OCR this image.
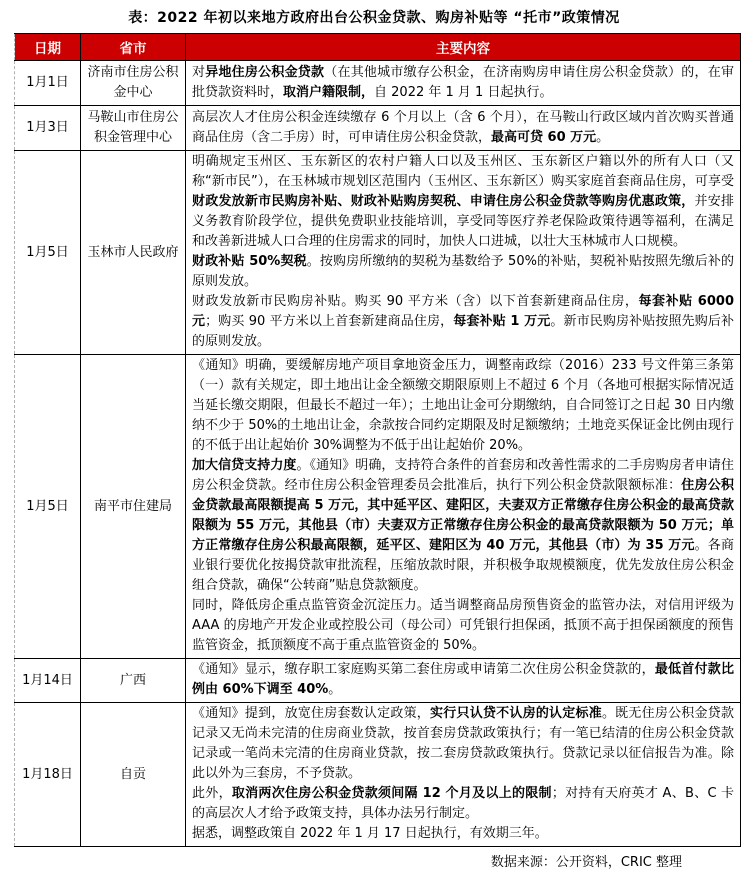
表：2022 年初以来地方政府出台公积金贷款、购房补贴等 “托市”政策情况
日期	省市	主要内容
1月1日	济南市住房公积金中心	对异地住房公积金贷款（在其他城市缴存公积金，在济南购房申请住房公积金贷款）的，在审批贷款资料时，取消户籍限制，自 2022 年 1 月 1 日起执行。

1月3日	马鞍山市住房公积金管理中心	高层次人才住房公积金连续缴存 6 个月以上（含 6 个月），在马鞍山行政区域内首次购买普通商品住房（含二手房）时，可申请住房公积金贷款，最高可贷 60 万元。

1月5日	玉林市人民政府	明确规定玉州区、玉东新区的农村户籍人口以及玉州区、玉东新区户籍以外的所有人口（又称“新市民”），在玉林城市规划区范围内（玉州区、玉东新区）购买家庭首套商品住房，可享受财政发放新市民购房补贴、财政补贴购房契税、申请住房公积金贷款等购房优惠政策，并安排义务教育阶段学位，提供免费职业技能培训，享受同等医疗养老保险政策待遇等福利，在满足和改善新进城人口合理的住房需求的同时，加快人口进城，以壮大玉林城市人口规模。
财政补贴 50%契税。按购房所缴纳的契税为基数给予 50%的补贴，契税补贴按照先缴后补的原则发放。
财政发放新市民购房补贴。购买 90 平方米（含）以下首套新建商品住房，每套补贴 6000 元；购买 90 平方米以上首套新建商品住房，每套补贴 1 万元。新市民购房补贴按照先购后补的原则发放。

1月5日	南平市住建局	《通知》明确，要缓解房地产项目拿地资金压力，调整南政综（2016）233 号文件第三条第（一）款有关规定，即土地出让金全额缴交期限原则上不超过 6 个月（各地可根据实际情况适当延长缴交期限，但最长不超过一年）；土地出让金可分期缴纳，自合同签订之日起 30 日内缴纳不少于 50%的土地出让金，余款按合同约定期限及时足额缴纳；土地竞买保证金比例由现行的不低于出让起始价 30%调整为不低于出让起始价 20%。
加大信贷支持力度。《通知》明确，支持符合条件的首套房和改善性需求的二手房购房者申请住房公积金贷款。经市住房公积金管理委员会批准后，执行下列公积金贷款限额标准：住房公积金贷款最高限额提高 5 万元，其中延平区、建阳区，夫妻双方正常缴存住房公积金的最高贷款限额为 55 万元，其他县（市）夫妻双方正常缴存住房公积金的最高贷款限额为 50 万元；单方正常缴存住房公积最高限额，延平区、建阳区为 40 万元，其他县（市）为 35 万元。各商业银行要优化按揭贷款审批流程，压缩放款时限，并积极争取规模额度，优先发放住房公积金组合贷款，确保“公转商”贴息贷款额度。
同时，降低房企重点监管资金沉淀压力。适当调整商品房预售资金的监管办法，对信用评级为 AAA 的房地产开发企业或控股公司（母公司）可凭银行担保函，抵顶不高于担保函额度的预售监管资金，抵顶额度不高于重点监管资金的 50%。

1月14日	广西	《通知》显示，缴存职工家庭购买第二套住房或申请第二次住房公积金贷款的，最低首付款比例由 60%下调至 40%。

1月18日	自贡	《通知》提到，放宽住房套数认定政策，实行只认贷不认房的认定标准。既无住房公积金贷款记录又无尚未完清的住房商业贷款，按首套房贷款政策执行；有一笔已结清的住房公积金贷款记录或一笔尚未完清的住房商业贷款，按二套房贷款政策执行。贷款记录以征信报告为准。除此以外为三套房，不予贷款。
此外，取消两次住房公积金贷款须间隔 12 个月及以上的限制；对持有天府英才 A、B、C 卡的高层次人才给予政策支持，具体办法另行制定。
据悉，调整政策自 2022 年 1 月 17 日起执行，有效期三年。
数据来源：公开资料，CRIC 整理
